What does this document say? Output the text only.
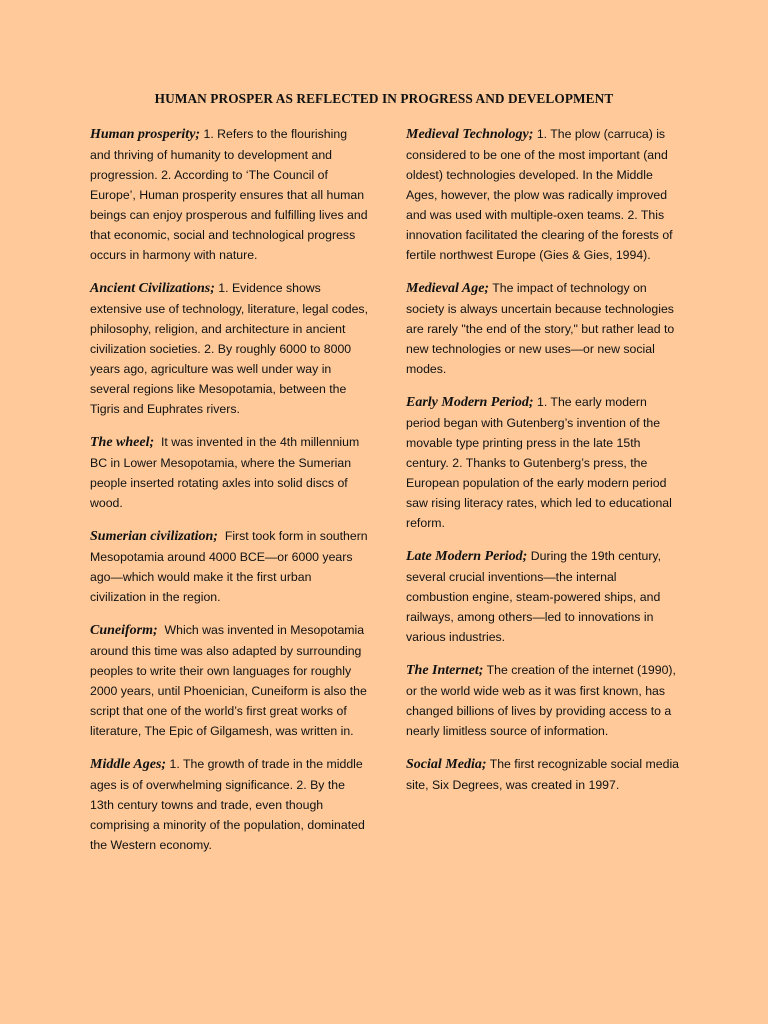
HUMAN PROSPER AS REFLECTED IN PROGRESS AND DEVELOPMENT

Human prosperity; 1. Refers to the flourishing and thriving of humanity to development and progression. 2. According to ‘The Council of Europe’, Human prosperity ensures that all human beings can enjoy prosperous and fulfilling lives and that economic, social and technological progress occurs in harmony with nature.

Ancient Civilizations; 1. Evidence shows extensive use of technology, literature, legal codes, philosophy, religion, and architecture in ancient civilization societies. 2. By roughly 6000 to 8000 years ago, agriculture was well under way in several regions like Mesopotamia, between the Tigris and Euphrates rivers.

The wheel; It was invented in the 4th millennium BC in Lower Mesopotamia, where the Sumerian people inserted rotating axles into solid discs of wood.

Sumerian civilization; First took form in southern Mesopotamia around 4000 BCE—or 6000 years ago—which would make it the first urban civilization in the region.

Cuneiform; Which was invented in Mesopotamia around this time was also adapted by surrounding peoples to write their own languages for roughly 2000 years, until Phoenician, Cuneiform is also the script that one of the world’s first great works of literature, The Epic of Gilgamesh, was written in.

Middle Ages; 1. The growth of trade in the middle ages is of overwhelming significance. 2. By the 13th century towns and trade, even though comprising a minority of the population, dominated the Western economy.

Medieval Technology; 1. The plow (carruca) is considered to be one of the most important (and oldest) technologies developed. In the Middle Ages, however, the plow was radically improved and was used with multiple-oxen teams. 2. This innovation facilitated the clearing of the forests of fertile northwest Europe (Gies & Gies, 1994).

Medieval Age; The impact of technology on society is always uncertain because technologies are rarely "the end of the story," but rather lead to new technologies or new uses—or new social modes.

Early Modern Period; 1. The early modern period began with Gutenberg’s invention of the movable type printing press in the late 15th century. 2. Thanks to Gutenberg’s press, the European population of the early modern period saw rising literacy rates, which led to educational reform.

Late Modern Period; During the 19th century, several crucial inventions—the internal combustion engine, steam-powered ships, and railways, among others—led to innovations in various industries.

The Internet; The creation of the internet (1990), or the world wide web as it was first known, has changed billions of lives by providing access to a nearly limitless source of information.

Social Media; The first recognizable social media site, Six Degrees, was created in 1997.
